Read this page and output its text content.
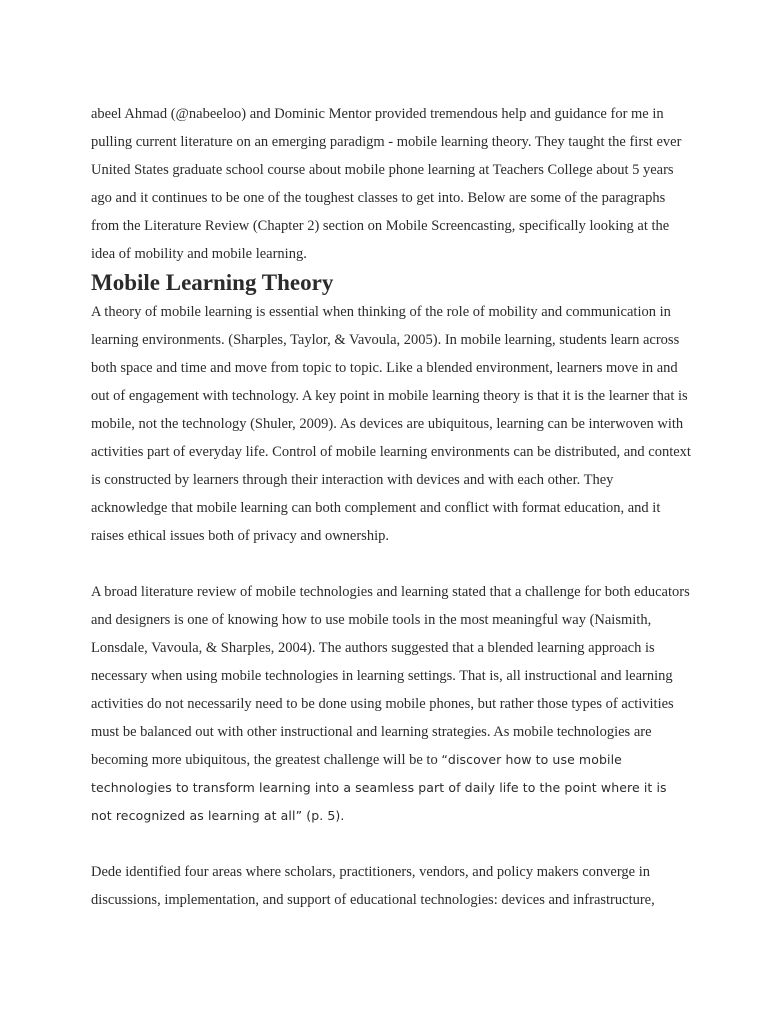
abeel Ahmad (@nabeeloo) and Dominic Mentor provided tremendous help and guidance for me in pulling current literature on an emerging paradigm - mobile learning theory. They taught the first ever United States graduate school course about mobile phone learning at Teachers College about 5 years ago and it continues to be one of the toughest classes to get into. Below are some of the paragraphs from the Literature Review (Chapter 2) section on Mobile Screencasting, specifically looking at the idea of mobility and mobile learning.

Mobile Learning Theory

A theory of mobile learning is essential when thinking of the role of mobility and communication in learning environments. (Sharples, Taylor, & Vavoula, 2005). In mobile learning, students learn across both space and time and move from topic to topic. Like a blended environment, learners move in and out of engagement with technology. A key point in mobile learning theory is that it is the learner that is mobile, not the technology (Shuler, 2009). As devices are ubiquitous, learning can be interwoven with activities part of everyday life. Control of mobile learning environments can be distributed, and context is constructed by learners through their interaction with devices and with each other. They acknowledge that mobile learning can both complement and conflict with format education, and it raises ethical issues both of privacy and ownership.

A broad literature review of mobile technologies and learning stated that a challenge for both educators and designers is one of knowing how to use mobile tools in the most meaningful way (Naismith, Lonsdale, Vavoula, & Sharples, 2004). The authors suggested that a blended learning approach is necessary when using mobile technologies in learning settings. That is, all instructional and learning activities do not necessarily need to be done using mobile phones, but rather those types of activities must be balanced out with other instructional and learning strategies. As mobile technologies are becoming more ubiquitous, the greatest challenge will be to “discover how to use mobile technologies to transform learning into a seamless part of daily life to the point where it is not recognized as learning at all” (p. 5).

Dede identified four areas where scholars, practitioners, vendors, and policy makers converge in discussions, implementation, and support of educational technologies: devices and infrastructure,
